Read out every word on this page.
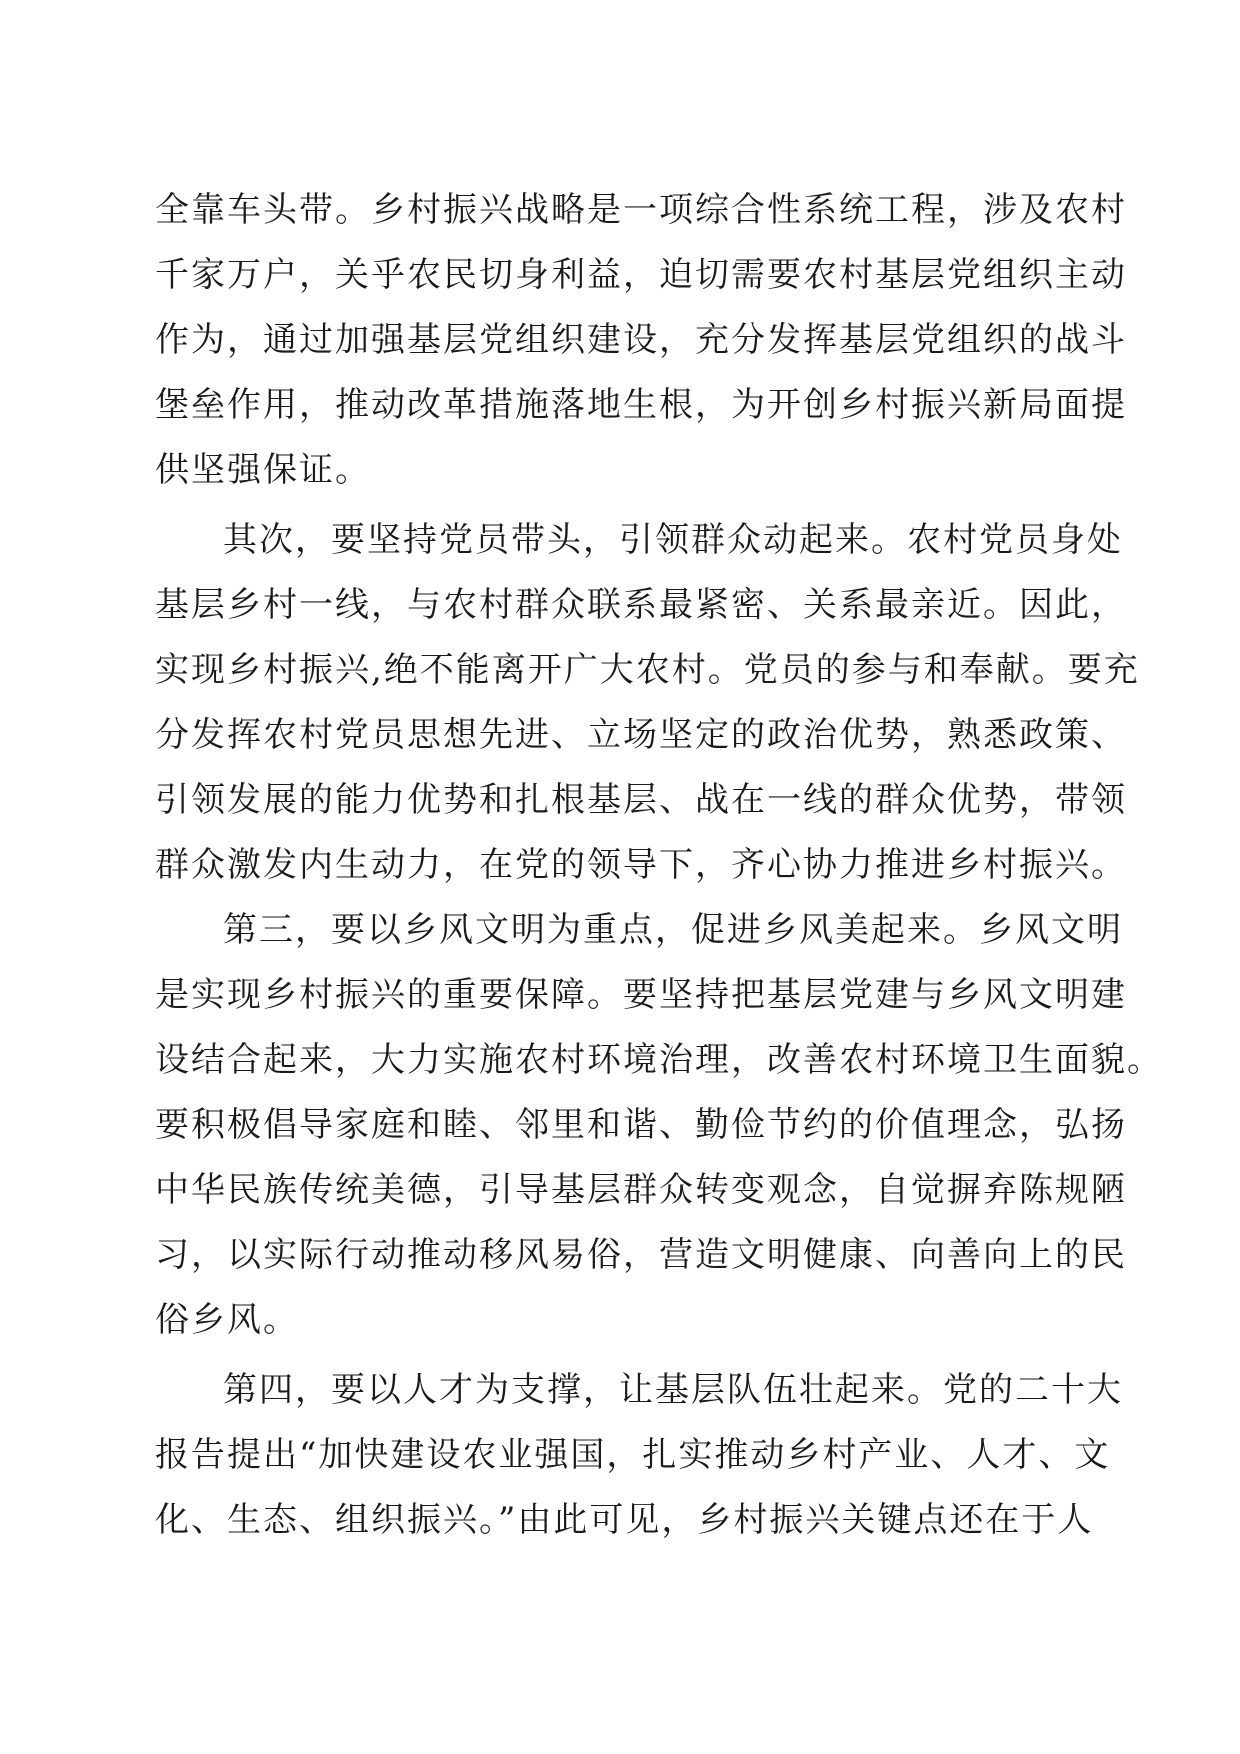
全靠车头带。乡村振兴战略是一项综合性系统工程，涉及农村
千家万户，关乎农民切身利益，迫切需要农村基层党组织主动
作为，通过加强基层党组织建设，充分发挥基层党组织的战斗
堡垒作用，推动改革措施落地生根，为开创乡村振兴新局面提
供坚强保证。
其次，要坚持党员带头，引领群众动起来。农村党员身处
基层乡村一线，与农村群众联系最紧密、关系最亲近。因此，
实现乡村振兴,绝不能离开广大农村。党员的参与和奉献。要充
分发挥农村党员思想先进、立场坚定的政治优势，熟悉政策、
引领发展的能力优势和扎根基层、战在一线的群众优势，带领
群众激发内生动力，在党的领导下，齐心协力推进乡村振兴。
第三，要以乡风文明为重点，促进乡风美起来。乡风文明
是实现乡村振兴的重要保障。要坚持把基层党建与乡风文明建
设结合起来，大力实施农村环境治理，改善农村环境卫生面貌。
要积极倡导家庭和睦、邻里和谐、勤俭节约的价值理念，弘扬
中华民族传统美德，引导基层群众转变观念，自觉摒弃陈规陋
习，以实际行动推动移风易俗，营造文明健康、向善向上的民
俗乡风。
第四，要以人才为支撑，让基层队伍壮起来。党的二十大
报告提出“加快建设农业强国，扎实推动乡村产业、人才、文
化、生态、组织振兴。”由此可见，乡村振兴关键点还在于人
